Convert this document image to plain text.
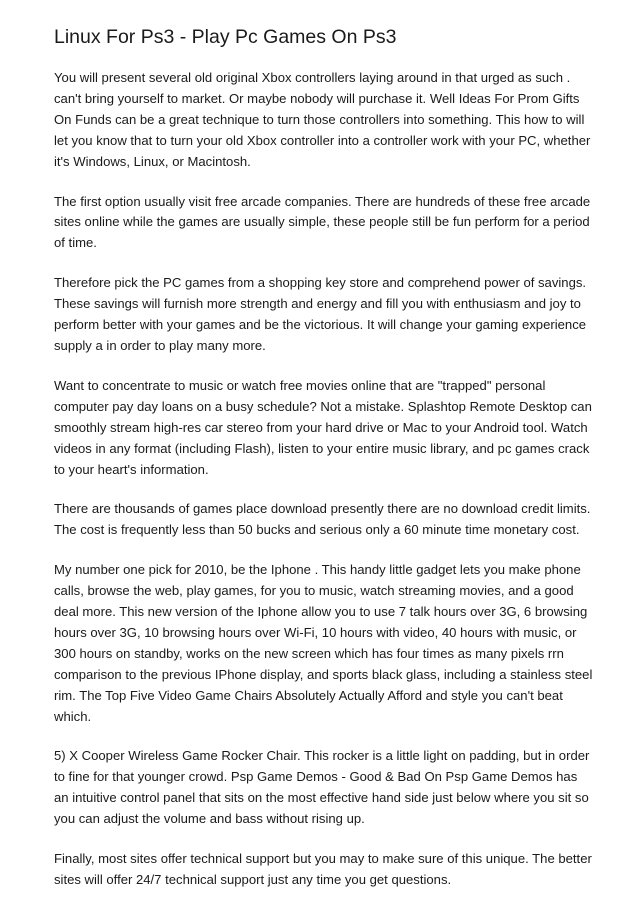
Linux For Ps3 - Play Pc Games On Ps3

You will present several old original Xbox controllers laying around in that urged as such . can't bring yourself to market. Or maybe nobody will purchase it. Well Ideas For Prom Gifts On Funds can be a great technique to turn those controllers into something. This how to will let you know that to turn your old Xbox controller into a controller work with your PC, whether it's Windows, Linux, or Macintosh.

The first option usually visit free arcade companies. There are hundreds of these free arcade sites online while the games are usually simple, these people still be fun perform for a period of time.

Therefore pick the PC games from a shopping key store and comprehend power of savings. These savings will furnish more strength and energy and fill you with enthusiasm and joy to perform better with your games and be the victorious. It will change your gaming experience supply a in order to play many more.

Want to concentrate to music or watch free movies online that are "trapped" personal computer pay day loans on a busy schedule? Not a mistake. Splashtop Remote Desktop can smoothly stream high-res car stereo from your hard drive or Mac to your Android tool. Watch videos in any format (including Flash), listen to your entire music library, and pc games crack to your heart's information.

There are thousands of games place download presently there are no download credit limits. The cost is frequently less than 50 bucks and serious only a 60 minute time monetary cost.

My number one pick for 2010, be the Iphone . This handy little gadget lets you make phone calls, browse the web, play games, for you to music, watch streaming movies, and a good deal more. This new version of the Iphone allow you to use 7 talk hours over 3G, 6 browsing hours over 3G, 10 browsing hours over Wi-Fi, 10 hours with video, 40 hours with music, or 300 hours on standby, works on the new screen which has four times as many pixels rrn comparison to the previous IPhone display, and sports black glass, including a stainless steel rim. The Top Five Video Game Chairs Absolutely Actually Afford and style you can't beat which.

5) X Cooper Wireless Game Rocker Chair. This rocker is a little light on padding, but in order to fine for that younger crowd. Psp Game Demos - Good & Bad On Psp Game Demos has an intuitive control panel that sits on the most effective hand side just below where you sit so you can adjust the volume and bass without rising up.

Finally, most sites offer technical support but you may to make sure of this unique. The better sites will offer 24/7 technical support just any time you get questions.
